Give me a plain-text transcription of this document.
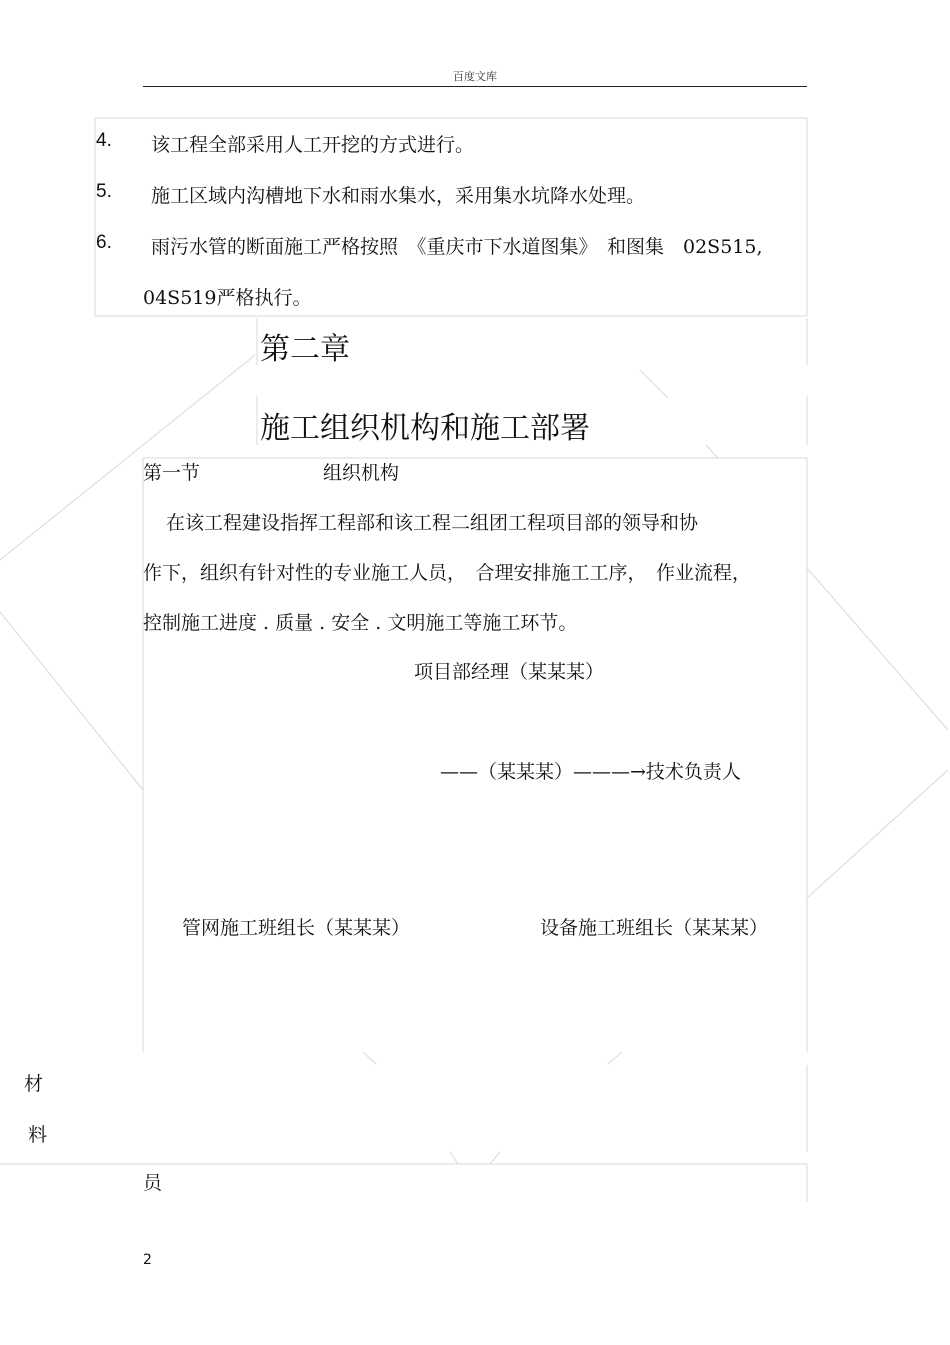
百度文库
4. 该工程全部采用人工开挖的方式进行。
5. 施工区域内沟槽地下水和雨水集水，采用集水坑降水处理。
6. 雨污水管的断面施工严格按照　《重庆市下水道图集》　和图集　02S515,
04S519严格执行。
第二章
施工组织机构和施工部署
第一节	组织机构
在该工程建设指挥工程部和该工程二组团工程项目部的领导和协
作下，组织有针对性的专业施工人员，　合理安排施工工序，　作业流程，
控制施工进度 . 质量 . 安全 . 文明施工等施工环节。
项目部经理（某某某）
——（某某某）———→技术负责人
管网施工班组长（某某某）	设备施工班组长（某某某）
材
料
员
2
